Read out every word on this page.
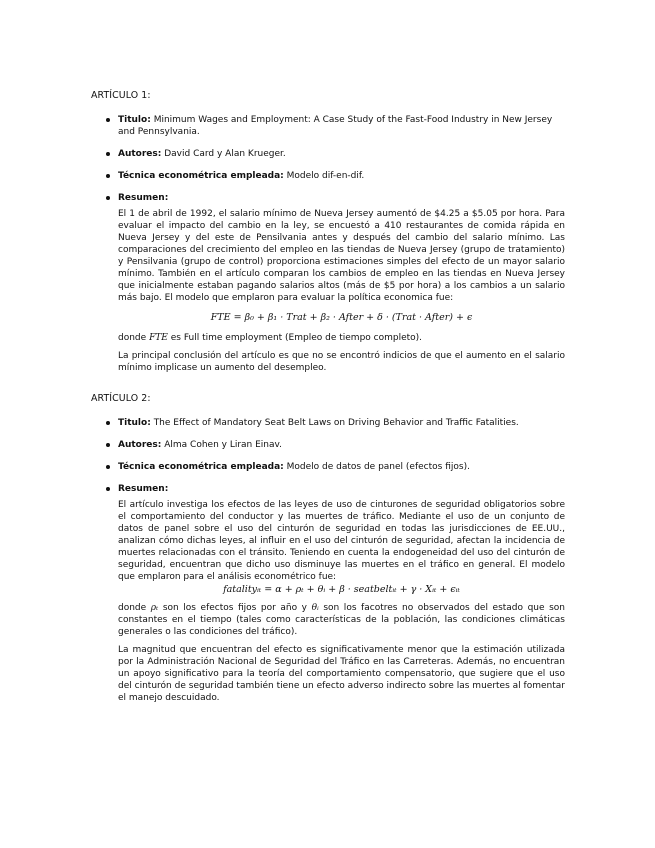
ARTÍCULO 1:
Titulo: Minimum Wages and Employment: A Case Study of the Fast-Food Industry in New Jersey and Pennsylvania.
Autores: David Card y Alan Krueger.
Técnica econométrica empleada: Modelo dif-en-dif.
Resumen:
El 1 de abril de 1992, el salario mínimo de Nueva Jersey aumentó de $4.25 a $5.05 por hora. Para evaluar el impacto del cambio en la ley, se encuestó a 410 restaurantes de comida rápida en Nueva Jersey y del este de Pensilvania antes y después del cambio del salario mínimo. Las comparaciones del crecimiento del empleo en las tiendas de Nueva Jersey (grupo de tratamiento) y Pensilvania (grupo de control) proporciona estimaciones simples del efecto de un mayor salario mínimo. También en el artículo comparan los cambios de empleo en las tiendas en Nueva Jersey que inicialmente estaban pagando salarios altos (más de $5 por hora) a los cambios a un salario más bajo. El modelo que emplaron para evaluar la política economica fue:
FTE = β₀ + β₁ · Trat + β₂ · After + δ · (Trat · After) + ϵ
donde FTE es Full time employment (Empleo de tiempo completo).
La principal conclusión del artículo es que no se encontró indicios de que el aumento en el salario mínimo implicase un aumento del desempleo.
ARTÍCULO 2:
Titulo: The Effect of Mandatory Seat Belt Laws on Driving Behavior and Traffic Fatalities.
Autores: Alma Cohen y Liran Einav.
Técnica econométrica empleada: Modelo de datos de panel (efectos fijos).
Resumen:
El artículo investiga los efectos de las leyes de uso de cinturones de seguridad obligatorios sobre el comportamiento del conductor y las muertes de tráfico. Mediante el uso de un conjunto de datos de panel sobre el uso del cinturón de seguridad en todas las jurisdicciones de EE.UU., analizan cómo dichas leyes, al influir en el uso del cinturón de seguridad, afectan la incidencia de muertes relacionadas con el tránsito. Teniendo en cuenta la endogeneidad del uso del cinturón de seguridad, encuentran que dicho uso disminuye las muertes en el tráfico en general. El modelo que emplaron para el análisis econométrico fue:
fatalityᵢₜ = α + ρₜ + θᵢ + β · seatbeltᵢₜ + γ · Xᵢₜ + ϵᵢₜ
donde ρₜ son los efectos fijos por año y θᵢ son los facotres no observados del estado que son constantes en el tiempo (tales como características de la población, las condiciones climáticas generales o las condiciones del tráfico).
La magnitud que encuentran del efecto es significativamente menor que la estimación utilizada por la Administración Nacional de Seguridad del Tráfico en las Carreteras. Además, no encuentran un apoyo significativo para la teoría del comportamiento compensatorio, que sugiere que el uso del cinturón de seguridad también tiene un efecto adverso indirecto sobre las muertes al fomentar el manejo descuidado.
